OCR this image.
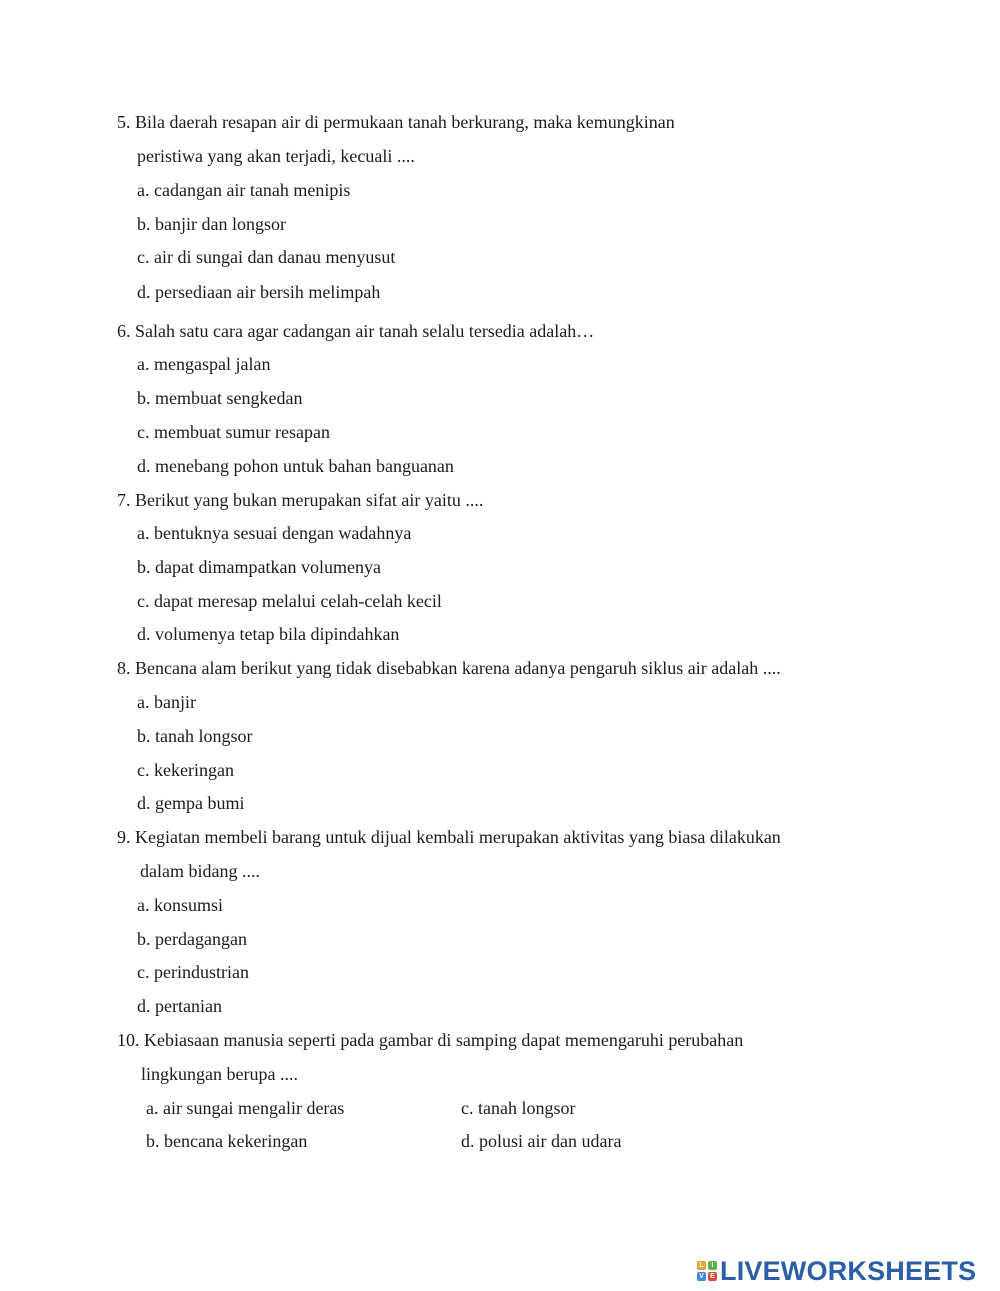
5. Bila daerah resapan air di permukaan tanah berkurang, maka kemungkinan
peristiwa yang akan terjadi, kecuali ....
a. cadangan air tanah menipis
b. banjir dan longsor
c. air di sungai dan danau menyusut
d. persediaan air bersih melimpah
6. Salah satu cara agar cadangan air tanah selalu tersedia adalah…
a. mengaspal jalan
b. membuat sengkedan
c. membuat sumur resapan
d. menebang pohon untuk bahan banguanan
7. Berikut yang bukan merupakan sifat air yaitu ....
a. bentuknya sesuai dengan wadahnya
b. dapat dimampatkan volumenya
c. dapat meresap melalui celah-celah kecil
d. volumenya tetap bila dipindahkan
8. Bencana alam berikut yang tidak disebabkan karena adanya pengaruh siklus air adalah ....
a. banjir
b. tanah longsor
c. kekeringan
d. gempa bumi
9. Kegiatan membeli barang untuk dijual kembali merupakan aktivitas yang biasa dilakukan
dalam bidang ....
a. konsumsi
b. perdagangan
c. perindustrian
d. pertanian
10. Kebiasaan manusia seperti pada gambar di samping dapat memengaruhi perubahan
lingkungan berupa ....
a. air sungai mengalir deras
b. bencana kekeringan
c. tanah longsor
d. polusi air dan udara
L	I
V E LIVEWORKSHEETS
